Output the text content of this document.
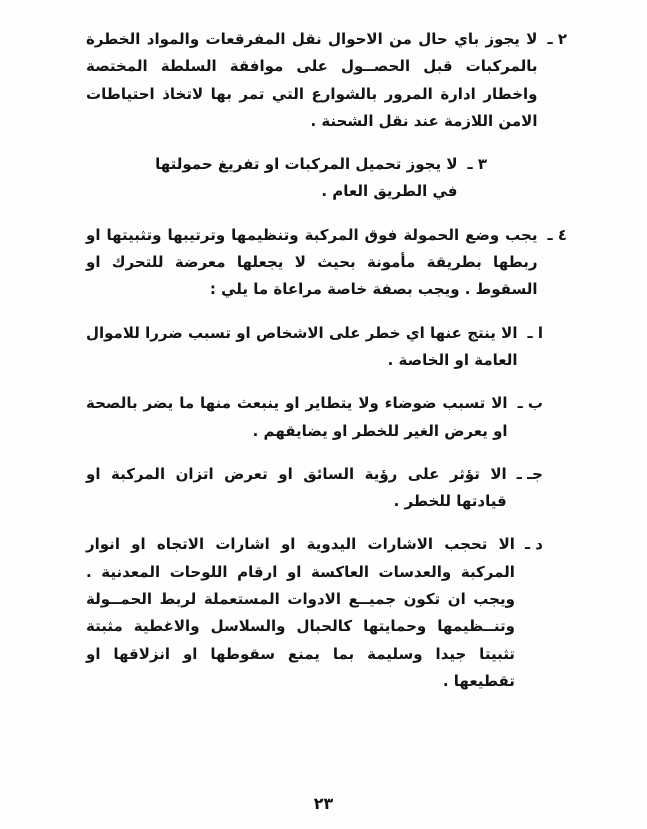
٢ ـ
لا يجوز باي حال من الاحوال نقل المفرقعات والمواد الخطرة بالمركبات قبل الحصــول على موافقة السلطة المختصة واخطار ادارة المرور بالشوارع التي تمر بها لاتخاذ احتياطات الامن اللازمة عند نقل الشحنة .
٣ ـ
لا يجوز تحميل المركبات او تفريغ حمولتها في الطريق العام .
٤ ـ
يجب وضع الحمولة فوق المركبة وتنظيمها وترتيبها وتثبيتها او ربطها بطريقة مأمونة بحيث لا يجعلها معرضة للتحرك او السقوط . ويجب بصفة خاصة مراعاة ما يلي :
ا ـ
الا ينتج عنها اي خطر على الاشخاص او تسبب ضررا للاموال العامة او الخاصة .
ب ـ
الا تسبب ضوضاء ولا يتطاير او ينبعث منها ما يضر بالصحة او يعرض الغير للخطر او يضايقهم .
جـ ـ
الا تؤثر على رؤية السائق او تعرض اتزان المركبة او قيادتها للخطر .
د ـ
الا تحجب الاشارات اليدوية او اشارات الاتجاه او انوار المركبة والعدسات العاكسة او ارقام اللوحات المعدنية . ويجب ان تكون جميــع الادوات المستعملة لربط الحمــولة وتنــظيمها وحمايتها كالحبال والسلاسل والاغطية مثبتة تثبيتا جيدا وسليمة بما يمنع سقوطها او انزلاقها او تقطيعها .
٢٣
